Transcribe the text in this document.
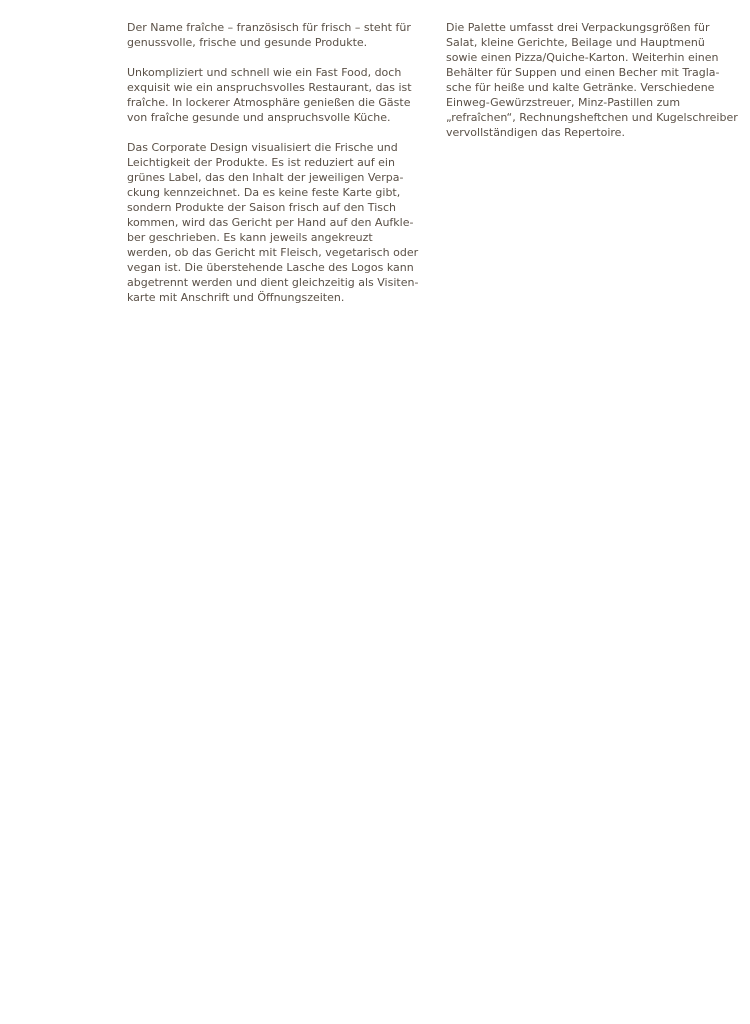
Der Name fraîche – französisch für frisch – steht für
genussvolle, frische und gesunde Produkte.

Unkompliziert und schnell wie ein Fast Food, doch
exquisit wie ein anspruchsvolles Restaurant, das ist
fraîche. In lockerer Atmosphäre genießen die Gäste
von fraîche gesunde und anspruchsvolle Küche.

Das Corporate Design visualisiert die Frische und
Leichtigkeit der Produkte. Es ist reduziert auf ein
grünes Label, das den Inhalt der jeweiligen Verpa-
ckung kennzeichnet. Da es keine feste Karte gibt,
sondern Produkte der Saison frisch auf den Tisch
kommen, wird das Gericht per Hand auf den Aufkle-
ber geschrieben. Es kann jeweils angekreuzt
werden, ob das Gericht mit Fleisch, vegetarisch oder
vegan ist. Die überstehende Lasche des Logos kann
abgetrennt werden und dient gleichzeitig als Visiten-
karte mit Anschrift und Öffnungszeiten.

Die Palette umfasst drei Verpackungsgrößen für
Salat, kleine Gerichte, Beilage und Hauptmenü
sowie einen Pizza/Quiche-Karton. Weiterhin einen
Behälter für Suppen und einen Becher mit Tragla-
sche für heiße und kalte Getränke. Verschiedene
Einweg-Gewürzstreuer, Minz-Pastillen zum
„refraîchen“, Rechnungsheftchen und Kugelschreiber
vervollständigen das Repertoire.
